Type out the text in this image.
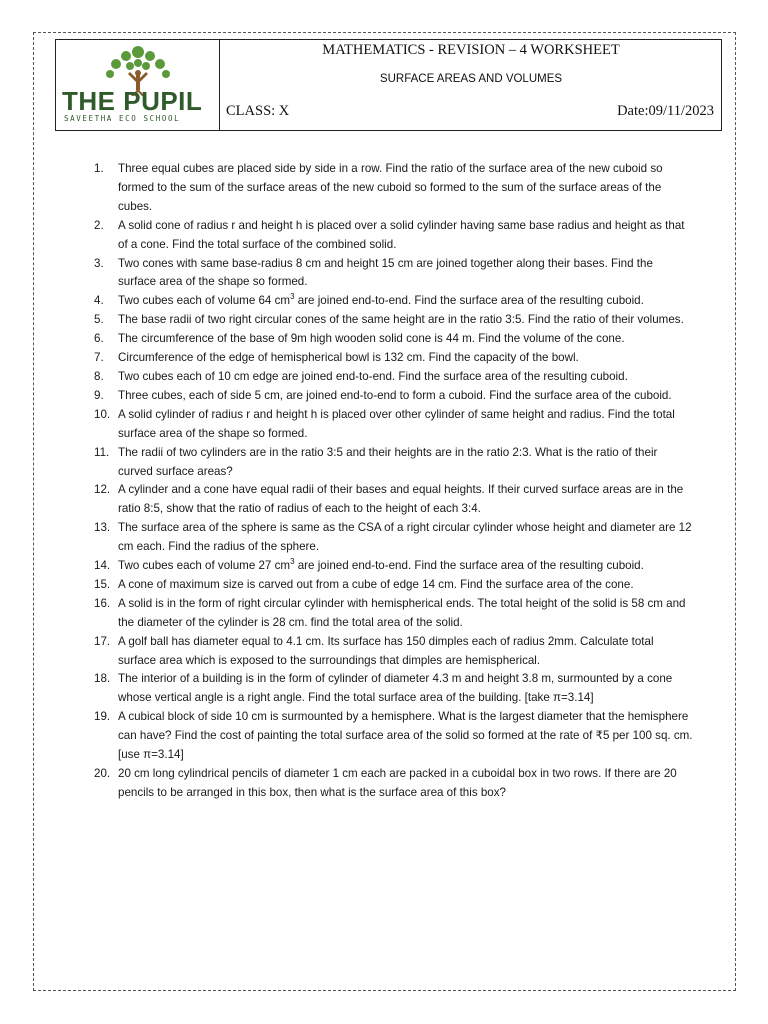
THE PUPIL
SAVEETHA ECO SCHOOL
MATHEMATICS - REVISION – 4 WORKSHEET
SURFACE AREAS AND VOLUMES
CLASS: X	Date:09/11/2023
1. Three equal cubes are placed side by side in a row. Find the ratio of the surface area of the new cuboid so formed to the sum of the surface areas of the new cuboid so formed to the sum of the surface areas of the cubes.
2. A solid cone of radius r and height h is placed over a solid cylinder having same base radius and height as that of a cone. Find the total surface of the combined solid.
3. Two cones with same base-radius 8 cm and height 15 cm are joined together along their bases. Find the surface area of the shape so formed.
4. Two cubes each of volume 64 $cm^3$ are joined end-to-end. Find the surface area of the resulting cuboid.
5. The base radii of two right circular cones of the same height are in the ratio 3:5. Find the ratio of their volumes.
6. The circumference of the base of 9m high wooden solid cone is 44 m. Find the volume of the cone.
7. Circumference of the edge of hemispherical bowl is 132 cm. Find the capacity of the bowl.
8. Two cubes each of 10 cm edge are joined end-to-end. Find the surface area of the resulting cuboid.
9. Three cubes, each of side 5 cm, are joined end-to-end to form a cuboid. Find the surface area of the cuboid.
10. A solid cylinder of radius r and height h is placed over other cylinder of same height and radius. Find the total surface area of the shape so formed.
11. The radii of two cylinders are in the ratio 3:5 and their heights are in the ratio 2:3. What is the ratio of their curved surface areas?
12. A cylinder and a cone have equal radii of their bases and equal heights. If their curved surface areas are in the ratio 8:5, show that the ratio of radius of each to the height of each 3:4.
13. The surface area of the sphere is same as the CSA of a right circular cylinder whose height and diameter are 12 cm each. Find the radius of the sphere.
14. Two cubes each of volume 27 $cm^3$ are joined end-to-end. Find the surface area of the resulting cuboid.
15. A cone of maximum size is carved out from a cube of edge 14 cm. Find the surface area of the cone.
16. A solid is in the form of right circular cylinder with hemispherical ends. The total height of the solid is 58 cm and the diameter of the cylinder is 28 cm. find the total area of the solid.
17. A golf ball has diameter equal to 4.1 cm. Its surface has 150 dimples each of radius 2mm. Calculate total surface area which is exposed to the surroundings that dimples are hemispherical.
18. The interior of a building is in the form of cylinder of diameter 4.3 m and height 3.8 m, surmounted by a cone whose vertical angle is a right angle. Find the total surface area of the building. [take π=3.14]
19. A cubical block of side 10 cm is surmounted by a hemisphere. What is the largest diameter that the hemisphere can have? Find the cost of painting the total surface area of the solid so formed at the rate of ₹5 per 100 sq. cm. [use π=3.14]
20. 20 cm long cylindrical pencils of diameter 1 cm each are packed in a cuboidal box in two rows. If there are 20 pencils to be arranged in this box, then what is the surface area of this box?
